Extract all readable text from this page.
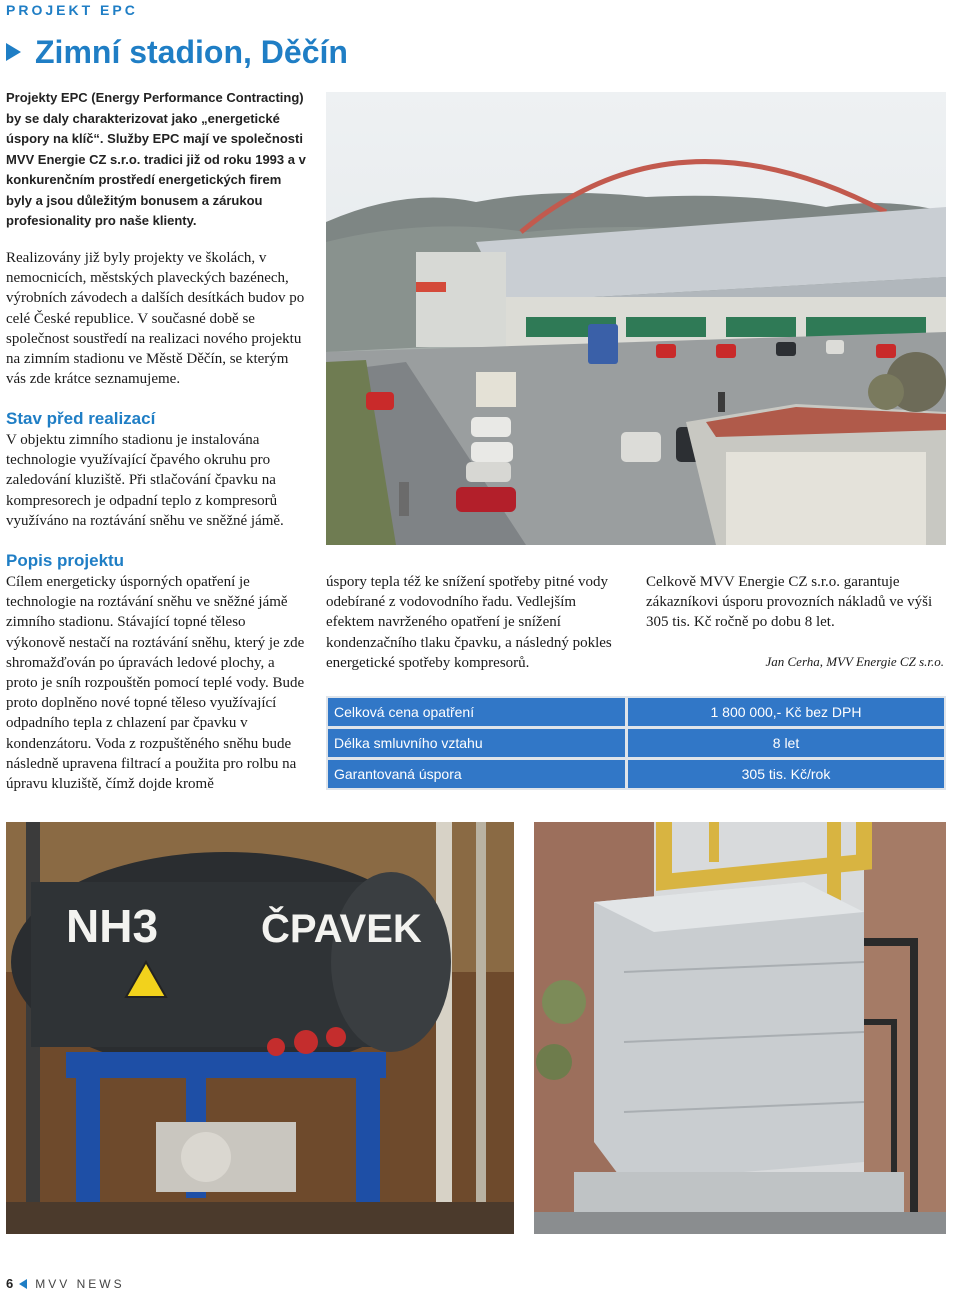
PROJEKT EPC
Zimní stadion, Děčín
Projekty EPC (Energy Performance Contracting) by se daly charakterizovat jako „energetické úspory na klíč“. Služby EPC mají ve společnosti MVV Energie CZ s.r.o. tradici již od roku 1993 a v konkurenčním prostředí energetických firem byly a jsou důležitým bonusem a zárukou profesionality pro naše klienty.
Realizovány již byly projekty ve školách, v nemocnicích, městských plaveckých bazénech, výrobních závodech a dalších desítkách budov po celé České republice. V současné době se společnost soustředí na realizaci nového projektu na zimním stadionu ve Městě Děčín, se kterým vás zde krátce seznamujeme.
Stav před realizací
V objektu zimního stadionu je instalována technologie využívající čpavého okruhu pro zaledování kluziště. Při stlačování čpavku na kompresorech je odpadní teplo z kompresorů využíváno na roztávání sněhu ve sněžné jámě.
Popis projektu
Cílem energeticky úsporných opatření je technologie na roztávání sněhu ve sněžné jámě zimního stadionu. Stávající topné těleso výkonově nestačí na roztávání sněhu, který je zde shromažďován po úpravách ledové plochy, a proto je sníh rozpouštěn pomocí teplé vody. Bude proto doplněno nové topné těleso využívající odpadního tepla z chlazení par čpavku v kondenzátoru. Voda z rozpuštěného sněhu bude následně upravena filtrací a použita pro rolbu na úpravu kluziště, čímž dojde kromě
úspory tepla též ke snížení spotřeby pitné vody odebírané z vodovodního řadu. Vedlejším efektem navrženého opatření je snížení kondenzačního tlaku čpavku, a následný pokles energetické spotřeby kompresorů.
Celkově MVV Energie CZ s.r.o. garantuje zákazníkovi úsporu provozních nákladů ve výši 305 tis. Kč ročně po dobu 8 let.
Jan Cerha, MVV Energie CZ s.r.o.
Celková cena opatření	1 800 000,- Kč bez DPH
Délka smluvního vztahu	8 let
Garantovaná úspora	305 tis. Kč/rok
NH3	ČPAVEK
6 MVV NEWS
